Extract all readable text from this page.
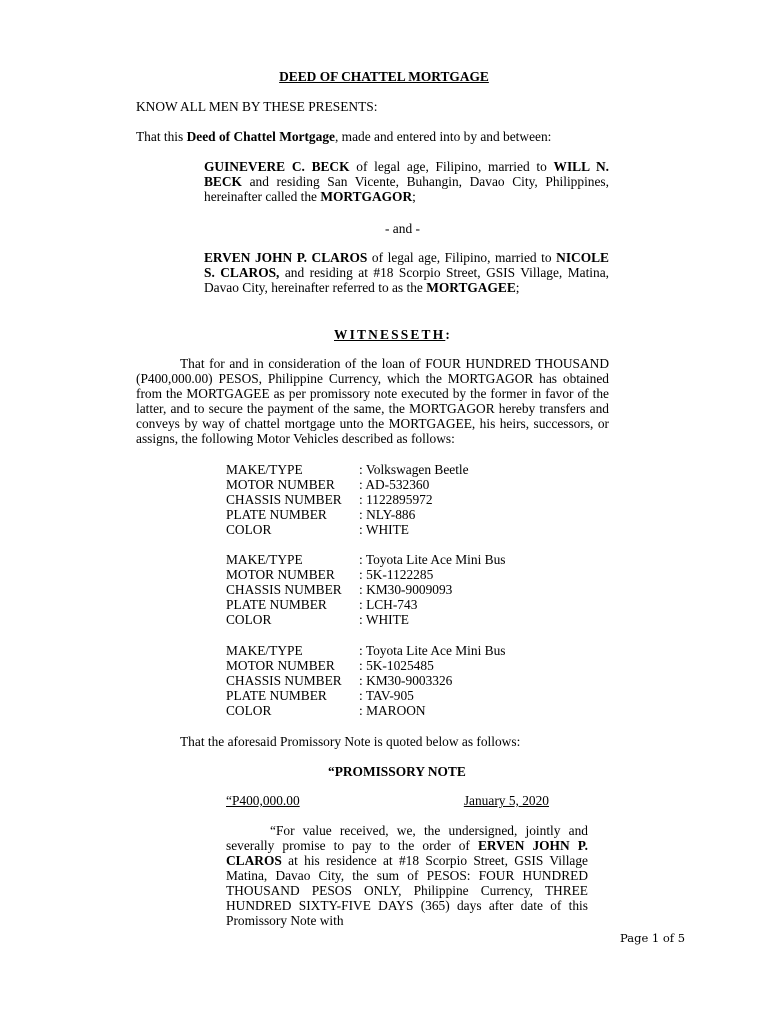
DEED OF CHATTEL MORTGAGE
KNOW ALL MEN BY THESE PRESENTS:
That this Deed of Chattel Mortgage, made and entered into by and between:

GUINEVERE C. BECK of legal age, Filipino, married to WILL N. BECK and residing San Vicente, Buhangin, Davao City, Philippines, hereinafter called the MORTGAGOR;

- and -

ERVEN JOHN P. CLAROS of legal age, Filipino, married to NICOLE S. CLAROS, and residing at #18 Scorpio Street, GSIS Village, Matina, Davao City, hereinafter referred to as the MORTGAGEE;

WITNESSETH:

That for and in consideration of the loan of FOUR HUNDRED THOUSAND (P400,000.00) PESOS, Philippine Currency, which the MORTGAGOR has obtained from the MORTGAGEE as per promissory note executed by the former in favor of the latter, and to secure the payment of the same, the MORTGAGOR hereby transfers and conveys by way of chattel mortgage unto the MORTGAGEE, his heirs, successors, or assigns, the following Motor Vehicles described as follows:

MAKE/TYPE	: Volkswagen Beetle
MOTOR NUMBER	: AD-532360
CHASSIS NUMBER	: 1122895972
PLATE NUMBER	: NLY-886
COLOR	: WHITE
MAKE/TYPE	: Toyota Lite Ace Mini Bus
MOTOR NUMBER	: 5K-1122285
CHASSIS NUMBER	: KM30-9009093
PLATE NUMBER	: LCH-743
COLOR	: WHITE
MAKE/TYPE	: Toyota Lite Ace Mini Bus
MOTOR NUMBER	: 5K-1025485
CHASSIS NUMBER	: KM30-9003326
PLATE NUMBER	: TAV-905
COLOR	: MAROON
That the aforesaid Promissory Note is quoted below as follows:
“PROMISSORY NOTE
“P400,000.00	January 5, 2020

“For value received, we, the undersigned, jointly and severally promise to pay to the order of ERVEN JOHN P. CLAROS at his residence at #18 Scorpio Street, GSIS Village Matina, Davao City, the sum of PESOS: FOUR HUNDRED THOUSAND PESOS ONLY, Philippine Currency, THREE HUNDRED SIXTY-FIVE DAYS (365) days after date of this Promissory Note with

Page 1 of 5
